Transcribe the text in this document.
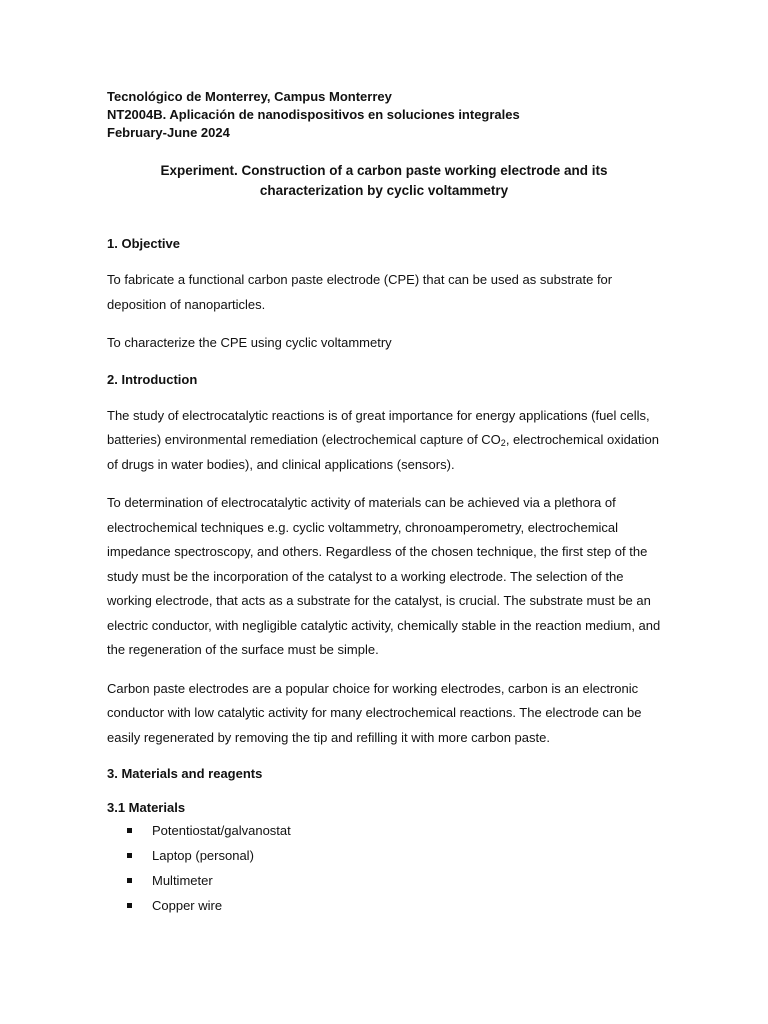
Tecnológico de Monterrey, Campus Monterrey
NT2004B. Aplicación de nanodispositivos en soluciones integrales
February-June 2024
Experiment. Construction of a carbon paste working electrode and its
characterization by cyclic voltammetry
1. Objective

To fabricate a functional carbon paste electrode (CPE) that can be used as substrate for deposition of nanoparticles.

To characterize the CPE using cyclic voltammetry

2. Introduction

The study of electrocatalytic reactions is of great importance for energy applications (fuel cells, batteries) environmental remediation (electrochemical capture of $CO_2$, electrochemical oxidation of drugs in water bodies), and clinical applications (sensors).

To determination of electrocatalytic activity of materials can be achieved via a plethora of electrochemical techniques e.g. cyclic voltammetry, chronoamperometry, electrochemical impedance spectroscopy, and others. Regardless of the chosen technique, the first step of the study must be the incorporation of the catalyst to a working electrode. The selection of the working electrode, that acts as a substrate for the catalyst, is crucial. The substrate must be an electric conductor, with negligible catalytic activity, chemically stable in the reaction medium, and the regeneration of the surface must be simple.

Carbon paste electrodes are a popular choice for working electrodes, carbon is an electronic conductor with low catalytic activity for many electrochemical reactions. The electrode can be easily regenerated by removing the tip and refilling it with more carbon paste.

3. Materials and reagents
3.1 Materials
Potentiostat/galvanostat
Laptop (personal)
Multimeter
Copper wire
